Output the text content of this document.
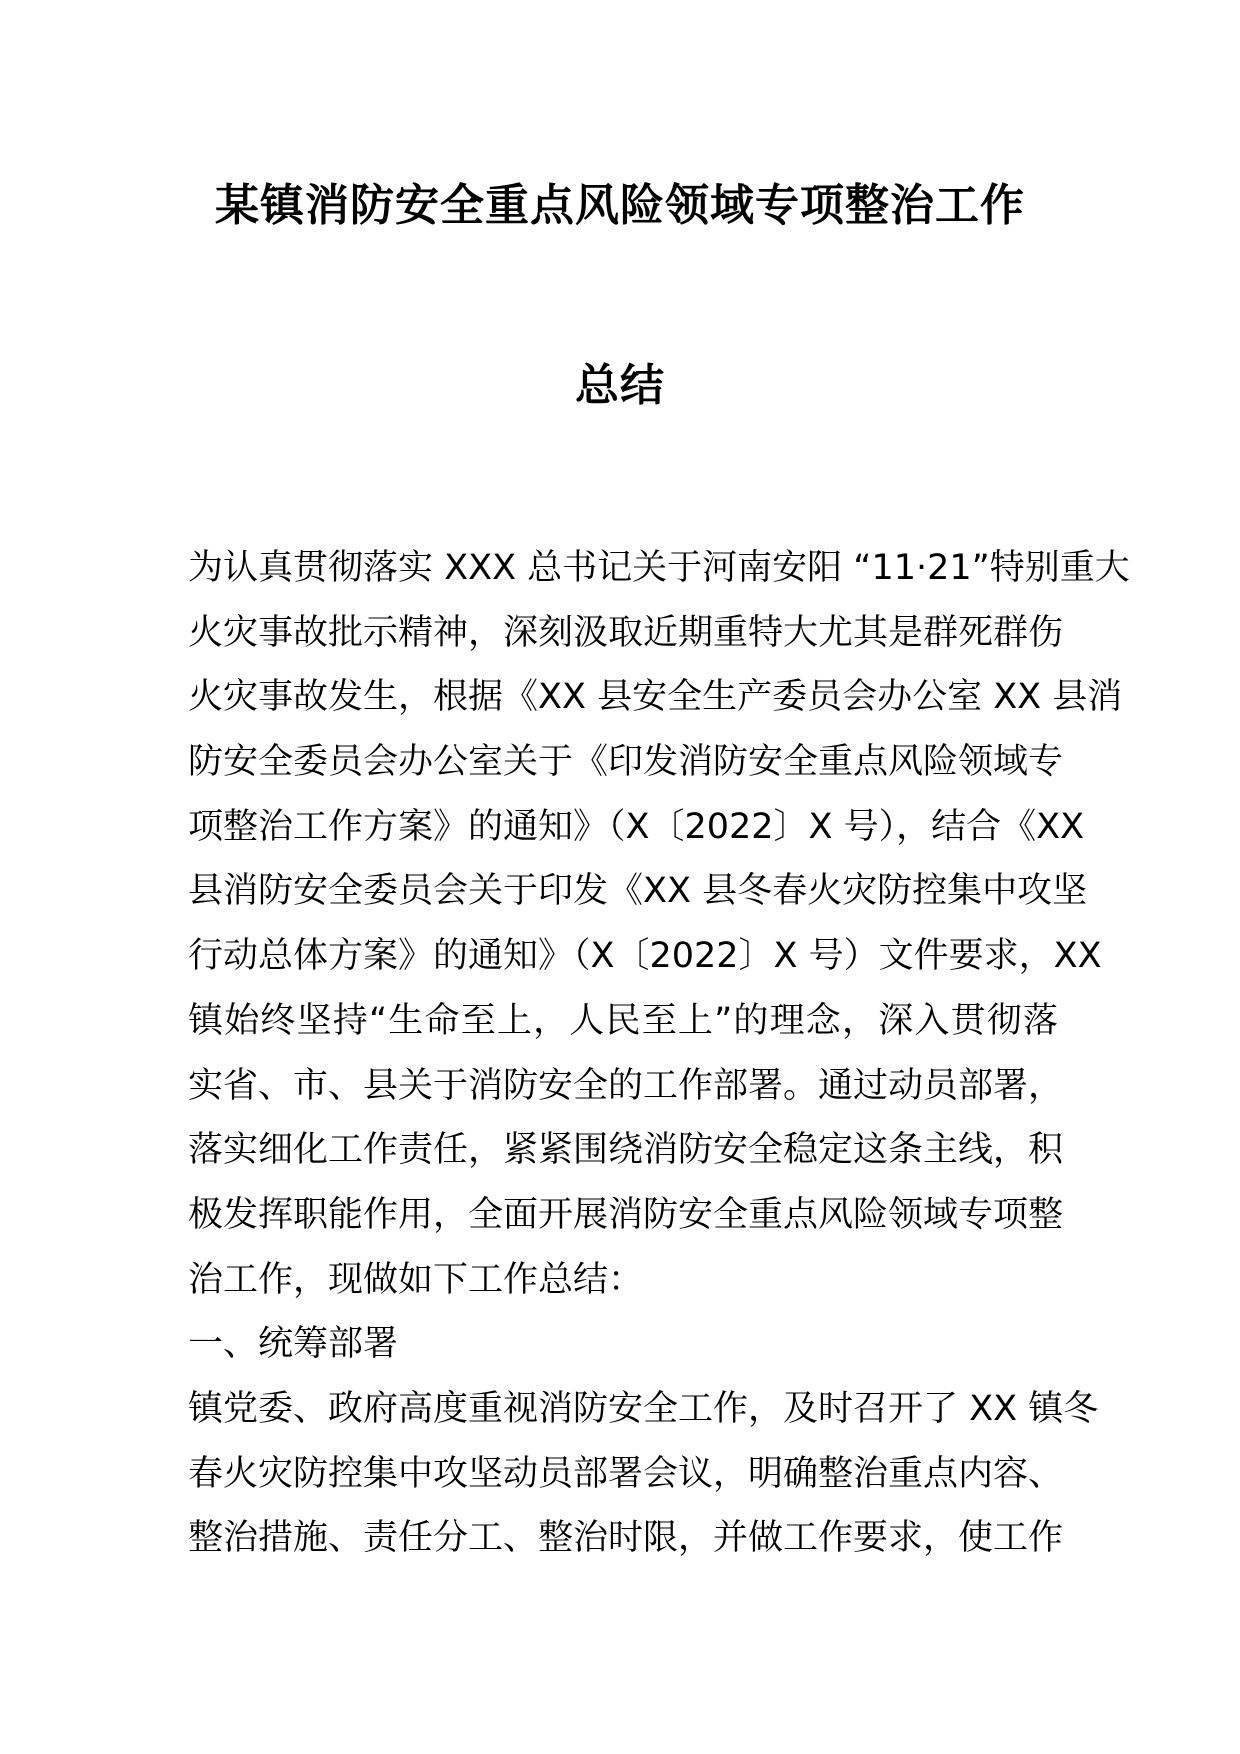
某镇消防安全重点风险领域专项整治工作
总结
为认真贯彻落实 XXX 总书记关于河南安阳 “11·21”特别重大
火灾事故批示精神，深刻汲取近期重特大尤其是群死群伤
火灾事故发生，根据《XX 县安全生产委员会办公室 XX 县消
防安全委员会办公室关于《印发消防安全重点风险领域专
项整治工作方案》的通知》（X〔2022〕X 号），结合《XX
县消防安全委员会关于印发《XX 县冬春火灾防控集中攻坚
行动总体方案》的通知》（X〔2022〕X 号）文件要求，XX
镇始终坚持“生命至上，人民至上”的理念，深入贯彻落
实省、市、县关于消防安全的工作部署。通过动员部署，
落实细化工作责任，紧紧围绕消防安全稳定这条主线，积
极发挥职能作用，全面开展消防安全重点风险领域专项整
治工作，现做如下工作总结：
一、统筹部署
镇党委、政府高度重视消防安全工作，及时召开了 XX 镇冬
春火灾防控集中攻坚动员部署会议，明确整治重点内容、
整治措施、责任分工、整治时限，并做工作要求，使工作
